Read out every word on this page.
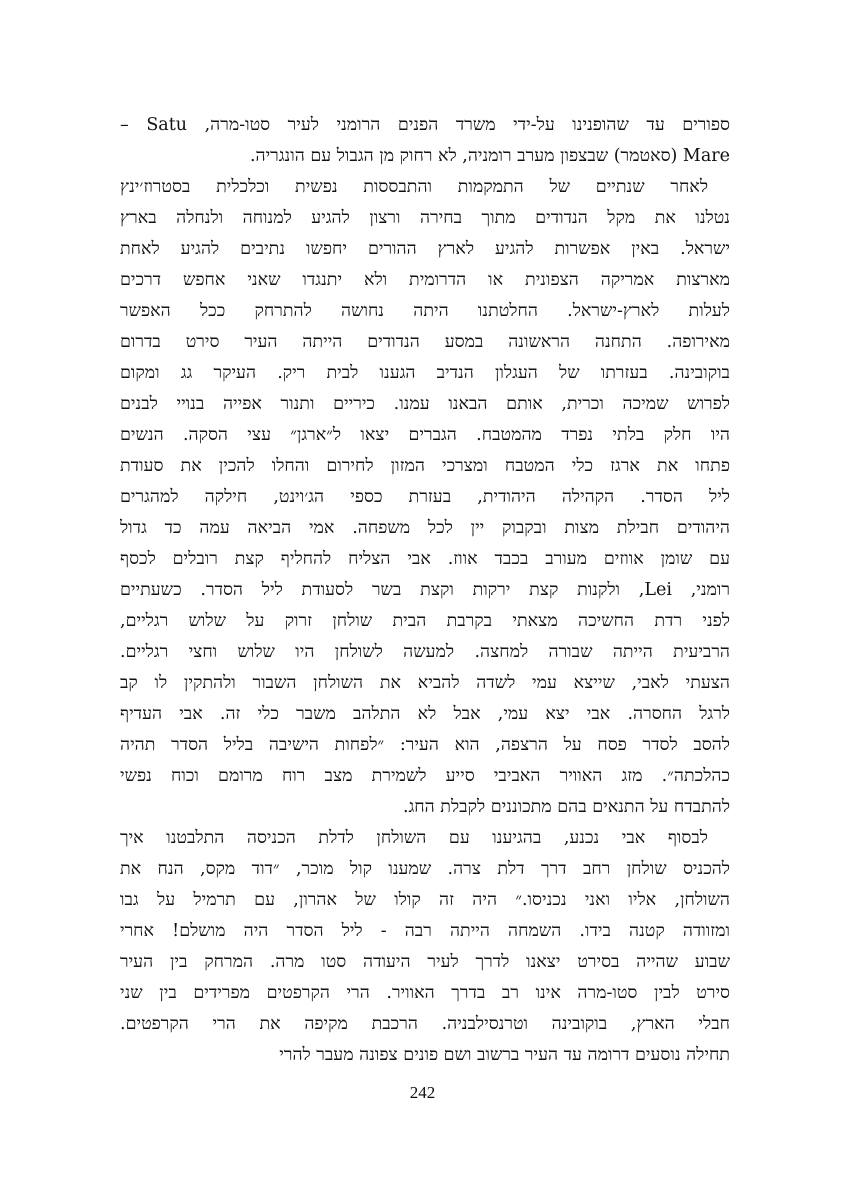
ספורים עד שהופנינו על-ידי משרד הפנים הרומני לעיר סטו-מרה, Satu –
Mare (סאטמר) שבצפון מערב רומניה, לא רחוק מן הגבול עם הונגריה.

לאחר שנתיים של התמקמות והתבססות נפשית וכלכלית בסטרוז׳ינץ
נטלנו את מקל הנדודים מתוך בחירה ורצון להגיע למנוחה ולנחלה בארץ
ישראל. באין אפשרות להגיע לארץ ההורים יחפשו נתיבים להגיע לאחת
מארצות אמריקה הצפונית או הדרומית ולא יתנגדו שאני אחפש דרכים
לעלות לארץ-ישראל. החלטתנו היתה נחושה להתרחק ככל האפשר
מאירופה. התחנה הראשונה במסע הנדודים הייתה העיר סירט בדרום
בוקובינה. בעזרתו של העגלון הנדיב הגענו לבית ריק. העיקר גג ומקום
לפרוש שמיכה וכרית, אותם הבאנו עמנו. כיריים ותנור אפייה בנויי לבנים
היו חלק בלתי נפרד מהמטבח. הגברים יצאו ל״ארגן״ עצי הסקה. הנשים
פתחו את ארגז כלי המטבח ומצרכי המזון לחירום והחלו להכין את סעודת
ליל הסדר. הקהילה היהודית, בעזרת כספי הג׳וינט, חילקה למהגרים
היהודים חבילת מצות ובקבוק יין לכל משפחה. אמי הביאה עמה כד גדול
עם שומן אווזים מעורב בכבד אווז. אבי הצליח להחליף קצת רובלים לכסף
רומני, Lei, ולקנות קצת ירקות וקצת בשר לסעודת ליל הסדר. כשעתיים
לפני רדת החשיכה מצאתי בקרבת הבית שולחן זרוק על שלוש רגליים,
הרביעית הייתה שבורה למחצה. למעשה לשולחן היו שלוש וחצי רגליים.
הצעתי לאבי, שייצא עמי לשדה להביא את השולחן השבור ולהתקין לו קב
לרגל החסרה. אבי יצא עמי, אבל לא התלהב משבר כלי זה. אבי העדיף
להסב לסדר פסח על הרצפה, הוא העיר: ״לפחות הישיבה בליל הסדר תהיה
כהלכתה״. מזג האוויר האביבי סייע לשמירת מצב רוח מרומם וכוח נפשי
להתבדח על התנאים בהם מתכוננים לקבלת החג.

לבסוף אבי נכנע, בהגיענו עם השולחן לדלת הכניסה התלבטנו איך
להכניס שולחן רחב דרך דלת צרה. שמענו קול מוכר, ״דוד מקס, הנח את
השולחן, אליו ואני נכניסו.״ היה זה קולו של אהרון, עם תרמיל על גבו
ומזוודה קטנה בידו. השמחה הייתה רבה - ליל הסדר היה מושלם! אחרי
שבוע שהייה בסירט יצאנו לדרך לעיר היעודה סטו מרה. המרחק בין העיר
סירט לבין סטו-מרה אינו רב בדרך האוויר. הרי הקרפטים מפרידים בין שני
חבלי הארץ, בוקובינה וטרנסילבניה. הרכבת מקיפה את הרי הקרפטים.
תחילה נוסעים דרומה עד העיר ברשוב ושם פונים צפונה מעבר להרי

242
